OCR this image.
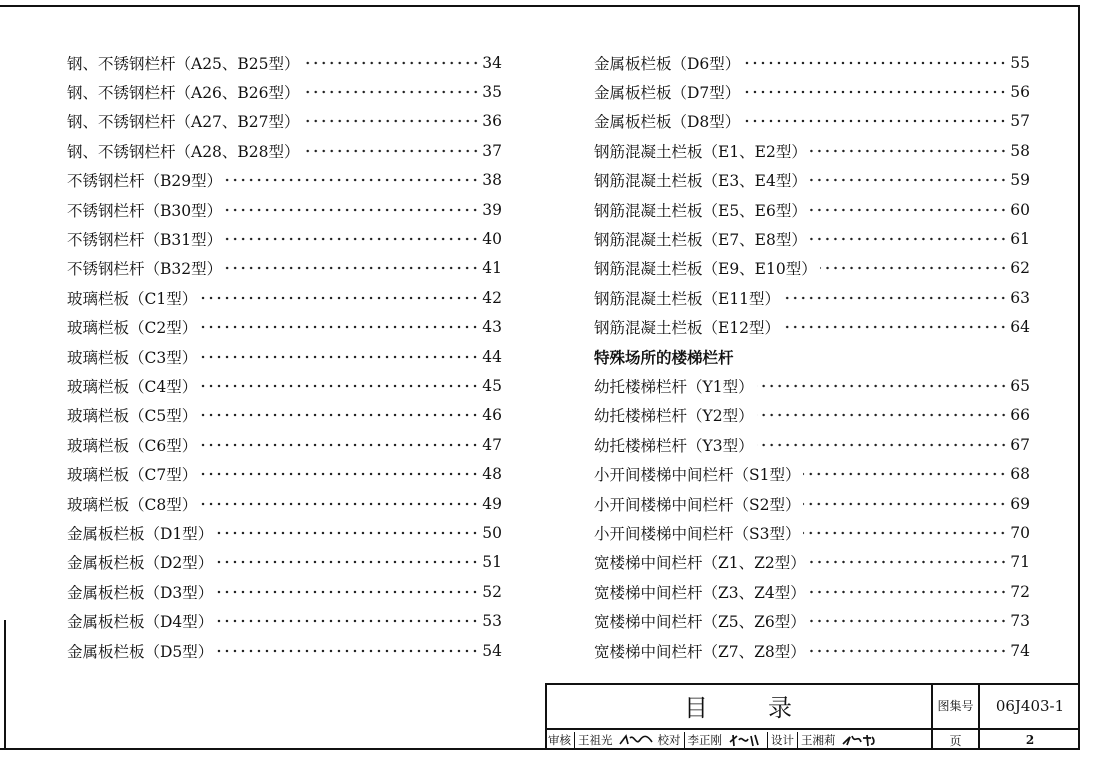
钢、不锈钢栏杆（A25、B25型）	34
钢、不锈钢栏杆（A26、B26型）	35
钢、不锈钢栏杆（A27、B27型）	36
钢、不锈钢栏杆（A28、B28型）	37
不锈钢栏杆（B29型）	38
不锈钢栏杆（B30型）	39
不锈钢栏杆（B31型）	40
不锈钢栏杆（B32型）	41
玻璃栏板（C1型）	42
玻璃栏板（C2型）	43
玻璃栏板（C3型）	44
玻璃栏板（C4型）	45
玻璃栏板（C5型）	46
玻璃栏板（C6型）	47
玻璃栏板（C7型）	48
玻璃栏板（C8型）	49
金属板栏板（D1型）	50
金属板栏板（D2型）	51
金属板栏板（D3型）	52
金属板栏板（D4型）	53
金属板栏板（D5型）	54
金属板栏板（D6型）	55
金属板栏板（D7型）	56
金属板栏板（D8型）	57
钢筋混凝土栏板（E1、E2型）	58
钢筋混凝土栏板（E3、E4型）	59
钢筋混凝土栏板（E5、E6型）	60
钢筋混凝土栏板（E7、E8型）	61
钢筋混凝土栏板（E9、E10型）	62
钢筋混凝土栏板（E11型）	63
钢筋混凝土栏板（E12型）	64
特殊场所的楼梯栏杆
幼托楼梯栏杆（Y1型）	65
幼托楼梯栏杆（Y2型）	66
幼托楼梯栏杆（Y3型）	67
小开间楼梯中间栏杆（S1型）	68
小开间楼梯中间栏杆（S2型）	69
小开间楼梯中间栏杆（S3型）	70
宽楼梯中间栏杆（Z1、Z2型）	71
宽楼梯中间栏杆（Z3、Z4型）	72
宽楼梯中间栏杆（Z5、Z6型）	73
宽楼梯中间栏杆（Z7、Z8型）	74
目录	图集号	06J403-1
页	2
审核 王祖光	校对 李正刚	设计 王湘莉
